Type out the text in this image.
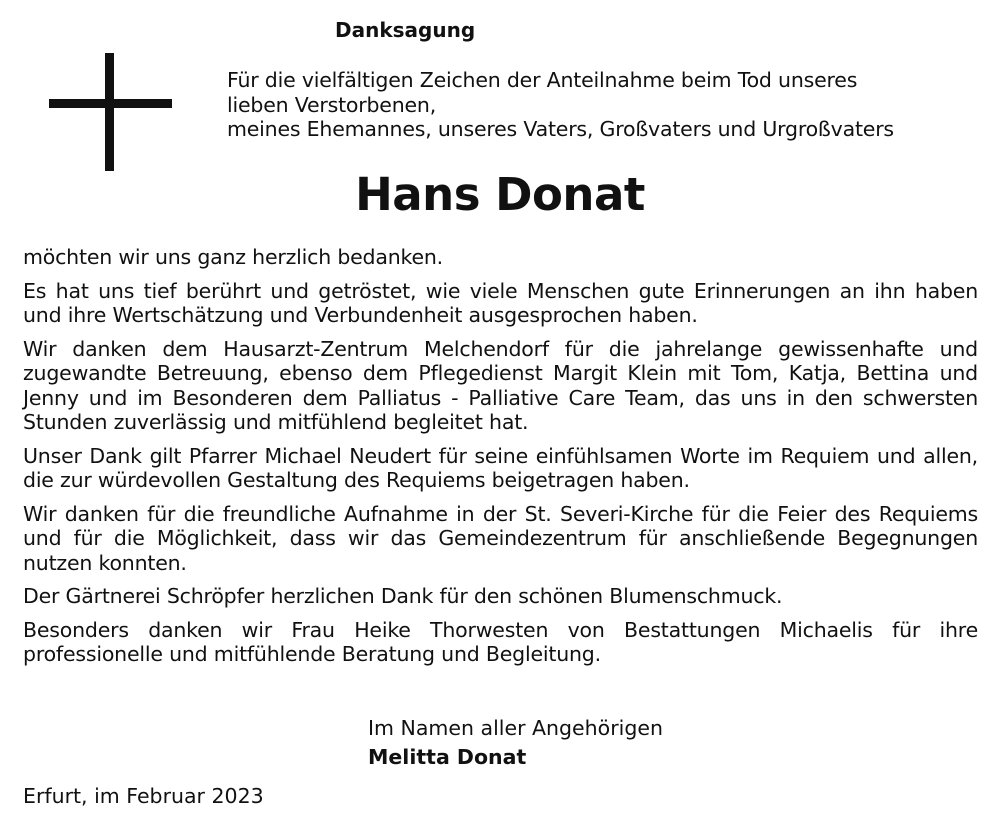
Danksagung
Für die vielfältigen Zeichen der Anteilnahme beim Tod unseres
lieben Verstorbenen,
meines Ehemannes, unseres Vaters, Großvaters und Urgroßvaters
Hans Donat

möchten wir uns ganz herzlich bedanken.

Es hat uns tief berührt und getröstet, wie viele Menschen gute Erinnerungen an ihn haben und ihre Wertschätzung und Verbundenheit ausgesprochen haben.

Wir danken dem Hausarzt-Zentrum Melchendorf für die jahrelange gewissenhafte und zugewandte Betreuung, ebenso dem Pflegedienst Margit Klein mit Tom, Katja, Bettina und Jenny und im Besonderen dem Palliatus - Palliative Care Team, das uns in den schwersten Stunden zuverlässig und mitfühlend begleitet hat.

Unser Dank gilt Pfarrer Michael Neudert für seine einfühlsamen Worte im Requiem und allen, die zur würdevollen Gestaltung des Requiems beigetragen haben.

Wir danken für die freundliche Aufnahme in der St. Severi-Kirche für die Feier des Requiems und für die Möglichkeit, dass wir das Gemeindezentrum für anschließende Begegnungen nutzen konnten.

Der Gärtnerei Schröpfer herzlichen Dank für den schönen Blumenschmuck.

Besonders danken wir Frau Heike Thorwesten von Bestattungen Michaelis für ihre professionelle und mitfühlende Beratung und Begleitung.

Im Namen aller Angehörigen
Melitta Donat
Erfurt, im Februar 2023
